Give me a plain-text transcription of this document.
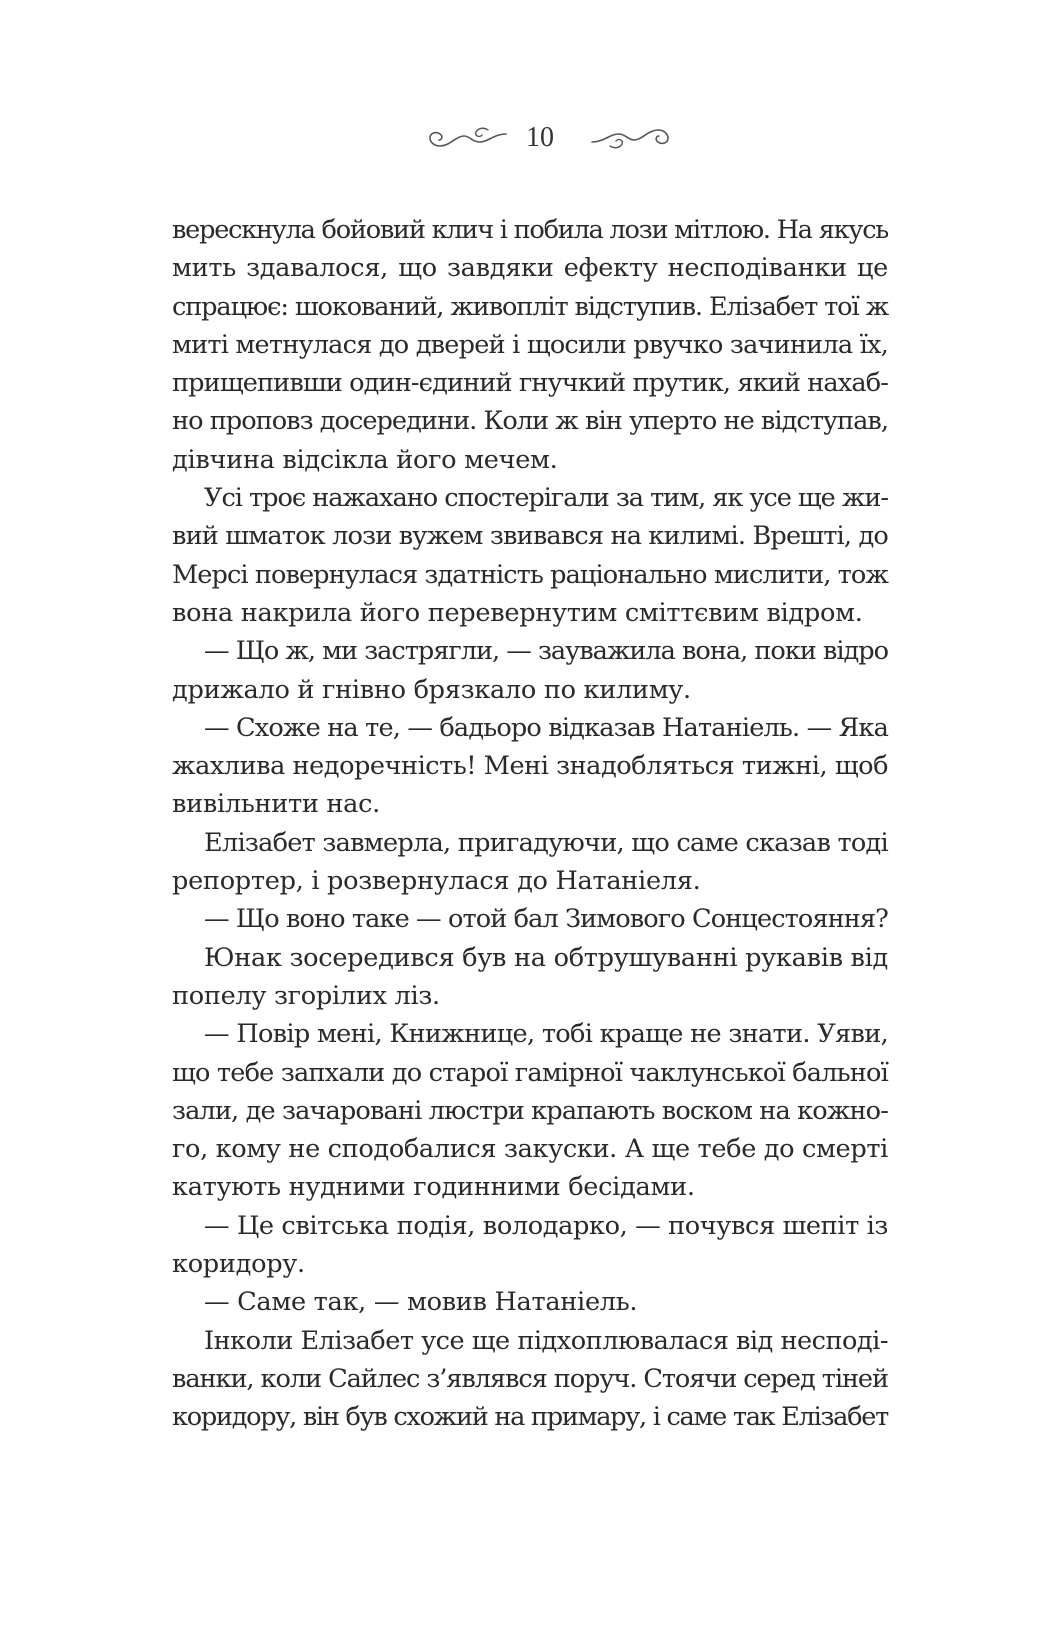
10
верескнула бойовий клич і побила лози мітлою. На якусь
мить здавалося, що завдяки ефекту несподіванки це
спрацює: шокований, живопліт відступив. Елізабет тої ж
миті метнулася до дверей і щосили рвучко зачинила їх,
прищепивши один-єдиний гнучкий прутик, який нахаб-
но проповз досередини. Коли ж він уперто не відступав,
дівчина відсікла його мечем.
Усі троє нажахано спостерігали за тим, як усе ще жи-
вий шматок лози вужем звивався на килимі. Врешті, до
Мерсі повернулася здатність раціонально мислити, тож
вона накрила його перевернутим сміттєвим відром.
— Що ж, ми застрягли, — зауважила вона, поки відро
дрижало й гнівно брязкало по килиму.
— Схоже на те, — бадьоро відказав Натаніель. — Яка
жахлива недоречність! Мені знадобляться тижні, щоб
вивільнити нас.
Елізабет завмерла, пригадуючи, що саме сказав тоді
репортер, і розвернулася до Натаніеля.
— Що воно таке — отой бал Зимового Сонцестояння?
Юнак зосередився був на обтрушуванні рукавів від
попелу згорілих ліз.
— Повір мені, Книжнице, тобі краще не знати. Уяви,
що тебе запхали до старої гамірної чаклунської бальної
зали, де зачаровані люстри крапають воском на кожно-
го, кому не сподобалися закуски. А ще тебе до смерті
катують нудними годинними бесідами.
— Це світська подія, володарко, — почувся шепіт із
коридору.
— Саме так, — мовив Натаніель.
Інколи Елізабет усе ще підхоплювалася від несподі-
ванки, коли Сайлес з’являвся поруч. Стоячи серед тіней
коридору, він був схожий на примару, і саме так Елізабет
